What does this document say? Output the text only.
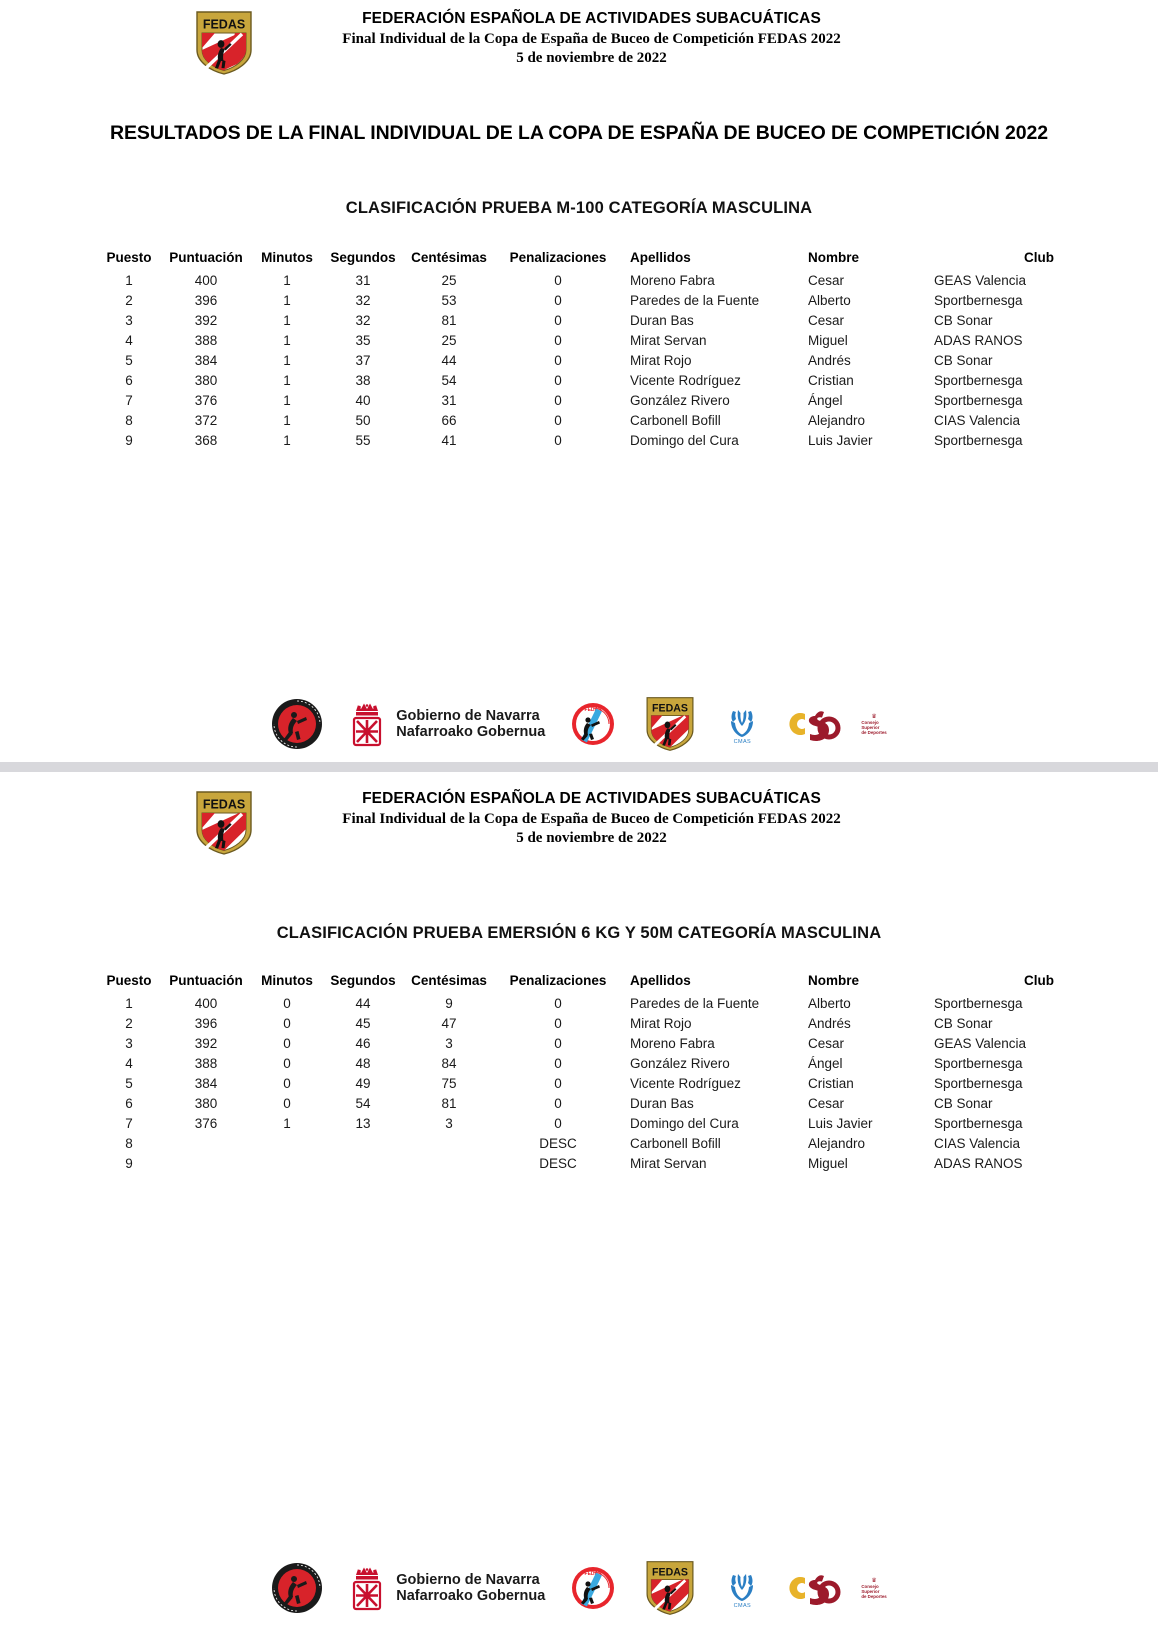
FEDAS	FEDERACIÓN ESPAÑOLA DE ACTIVIDADES SUBACUÁTICAS
Final Individual de la Copa de España de Buceo de Competición FEDAS 2022
5 de noviembre de 2022
RESULTADOS DE LA FINAL INDIVIDUAL DE LA COPA DE ESPAÑA DE BUCEO DE COMPETICIÓN 2022
CLASIFICACIÓN PRUEBA M-100 CATEGORÍA MASCULINA
Puesto	Puntuación	Minutos	Segundos	Centésimas	Penalizaciones	Apellidos	Nombre	Club
1	400	1	31	25	0	Moreno Fabra	Cesar	GEAS Valencia
2	396	1	32	53	0	Paredes de la Fuente	Alberto	Sportbernesga
3	392	1	32	81	0	Duran Bas	Cesar	CB Sonar
4	388	1	35	25	0	Mirat Servan	Miguel	ADAS RANOS
5	384	1	37	44	0	Mirat Rojo	Andrés	CB Sonar
6	380	1	38	54	0	Vicente Rodríguez	Cristian	Sportbernesga
7	376	1	40	31	0	González Rivero	Ángel	Sportbernesga
8	372	1	50	66	0	Carbonell Bofill	Alejandro	CIAS Valencia
9	368	1	55	41	0	Domingo del Cura	Luis Javier	Sportbernesga
Gobierno de Navarra
Nafarroako Gobernua
FEDAS	FEDAS
CMAS
♛
Consejo
Superior
de Deportes
FEDAS	FEDERACIÓN ESPAÑOLA DE ACTIVIDADES SUBACUÁTICAS
Final Individual de la Copa de España de Buceo de Competición FEDAS 2022
5 de noviembre de 2022
CLASIFICACIÓN PRUEBA EMERSIÓN 6 KG Y 50M CATEGORÍA MASCULINA
Puesto	Puntuación	Minutos	Segundos	Centésimas	Penalizaciones	Apellidos	Nombre	Club
1	400	0	44	9	0	Paredes de la Fuente	Alberto	Sportbernesga
2	396	0	45	47	0	Mirat Rojo	Andrés	CB Sonar
3	392	0	46	3	0	Moreno Fabra	Cesar	GEAS Valencia
4	388	0	48	84	0	González Rivero	Ángel	Sportbernesga
5	384	0	49	75	0	Vicente Rodríguez	Cristian	Sportbernesga
6	380	0	54	81	0	Duran Bas	Cesar	CB Sonar
7	376	1	13	3	0	Domingo del Cura	Luis Javier	Sportbernesga
8					DESC	Carbonell Bofill	Alejandro	CIAS Valencia
9					DESC	Mirat Servan	Miguel	ADAS RANOS
Gobierno de Navarra
Nafarroako Gobernua
FEDAS	FEDAS
CMAS
♛
Consejo
Superior
de Deportes
